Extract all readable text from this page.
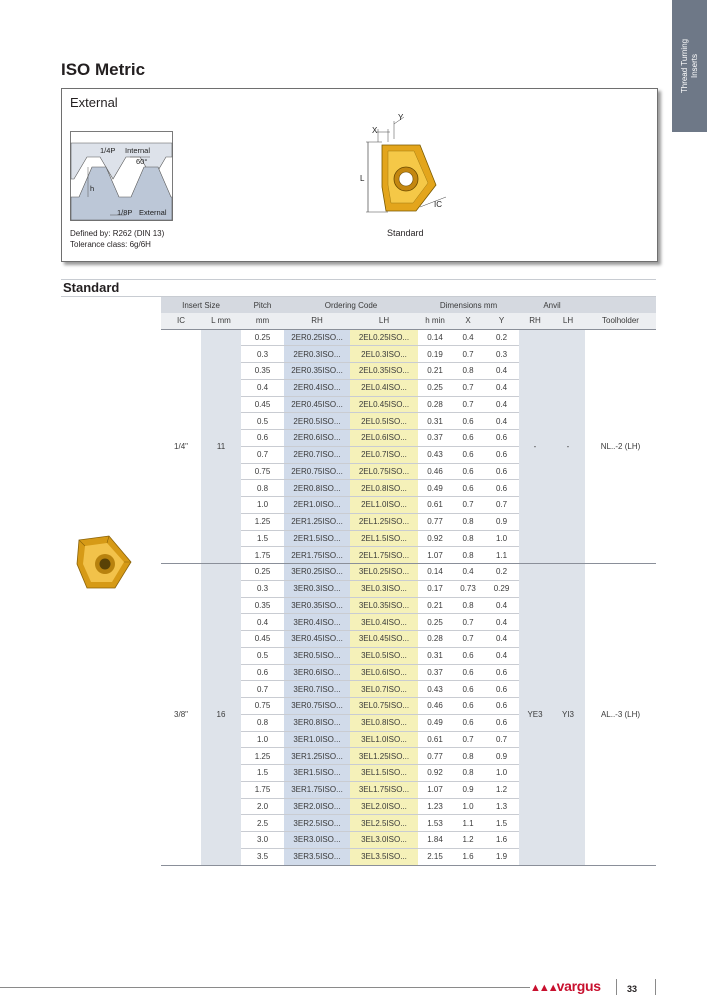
Thread Turning
Inserts
ISO Metric
External
1/4P Internal
60°
h
1/8P External
Defined by: R262 (DIN 13)
Tolerance class: 6g/6H
X
Y
L
IC
Standard
Standard
Insert Size		Pitch	Ordering Code		Dimensions mm			Anvil		
IC	L mm	mm	RH	LH	h min	X	Y	RH	LH	Toolholder
1/4"	11	0.25	2ER0.25ISO...	2EL0.25ISO...	0.14	0.4	0.2	-	-	NL..-2 (LH)
		0.3	2ER0.3ISO...	2EL0.3ISO...	0.19	0.7	0.3			
		0.35	2ER0.35ISO...	2EL0.35ISO...	0.21	0.8	0.4			
		0.4	2ER0.4ISO...	2EL0.4ISO...	0.25	0.7	0.4			
		0.45	2ER0.45ISO...	2EL0.45ISO...	0.28	0.7	0.4			
		0.5	2ER0.5ISO...	2EL0.5ISO...	0.31	0.6	0.4			
		0.6	2ER0.6ISO...	2EL0.6ISO...	0.37	0.6	0.6			
		0.7	2ER0.7ISO...	2EL0.7ISO...	0.43	0.6	0.6			
		0.75	2ER0.75ISO...	2EL0.75ISO...	0.46	0.6	0.6			
		0.8	2ER0.8ISO...	2EL0.8ISO...	0.49	0.6	0.6			
		1.0	2ER1.0ISO...	2EL1.0ISO...	0.61	0.7	0.7			
		1.25	2ER1.25ISO...	2EL1.25ISO...	0.77	0.8	0.9			
		1.5	2ER1.5ISO...	2EL1.5ISO...	0.92	0.8	1.0			
		1.75	2ER1.75ISO...	2EL1.75ISO...	1.07	0.8	1.1			
3/8"	16	0.25	3ER0.25ISO...	3EL0.25ISO...	0.14	0.4	0.2	YE3	YI3	AL..-3 (LH)
		0.3	3ER0.3ISO...	3EL0.3ISO...	0.17	0.73	0.29			
		0.35	3ER0.35ISO...	3EL0.35ISO...	0.21	0.8	0.4			
		0.4	3ER0.4ISO...	3EL0.4ISO...	0.25	0.7	0.4			
		0.45	3ER0.45ISO...	3EL0.45ISO...	0.28	0.7	0.4			
		0.5	3ER0.5ISO...	3EL0.5ISO...	0.31	0.6	0.4			
		0.6	3ER0.6ISO...	3EL0.6ISO...	0.37	0.6	0.6			
		0.7	3ER0.7ISO...	3EL0.7ISO...	0.43	0.6	0.6			
		0.75	3ER0.75ISO...	3EL0.75ISO...	0.46	0.6	0.6			
		0.8	3ER0.8ISO...	3EL0.8ISO...	0.49	0.6	0.6			
		1.0	3ER1.0ISO...	3EL1.0ISO...	0.61	0.7	0.7			
		1.25	3ER1.25ISO...	3EL1.25ISO...	0.77	0.8	0.9			
		1.5	3ER1.5ISO...	3EL1.5ISO...	0.92	0.8	1.0			
		1.75	3ER1.75ISO...	3EL1.75ISO...	1.07	0.9	1.2			
		2.0	3ER2.0ISO...	3EL2.0ISO...	1.23	1.0	1.3			
		2.5	3ER2.5ISO...	3EL2.5ISO...	1.53	1.1	1.5			
		3.0	3ER3.0ISO...	3EL3.0ISO...	1.84	1.2	1.6			
		3.5	3ER3.5ISO...	3EL3.5ISO...	2.15	1.6	1.9			
▲▲▲vargus	33
